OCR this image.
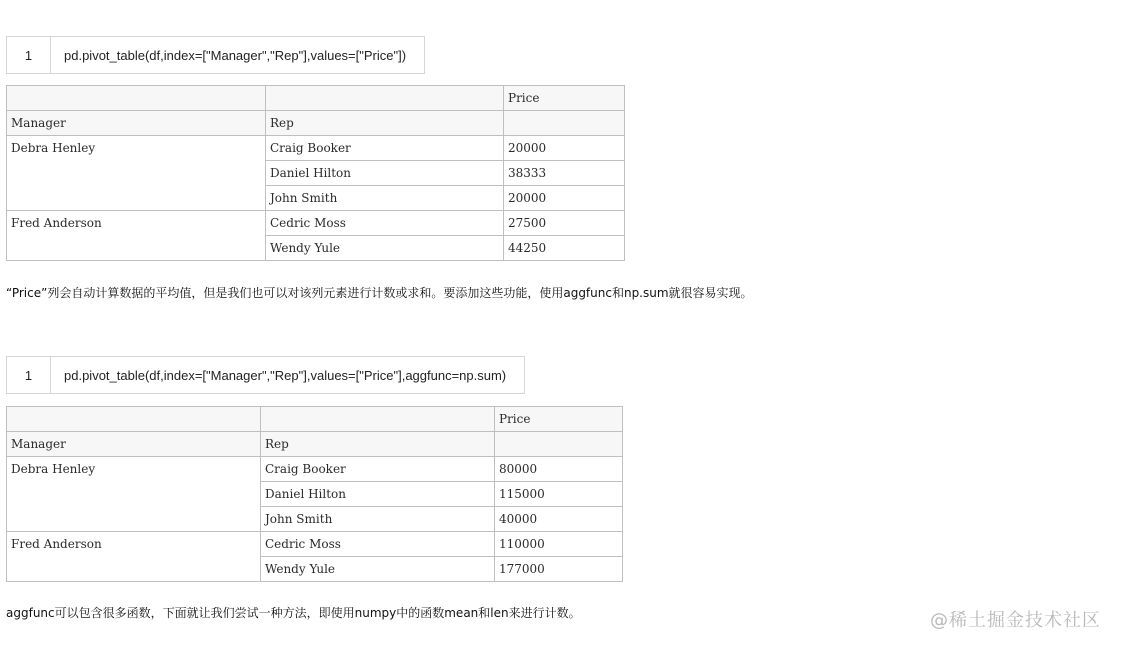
1	pd.pivot_table(df,index=["Manager","Rep"],values=["Price"])
		Price
Manager	Rep	
Debra Henley	Craig Booker	20000
	Daniel Hilton	38333
	John Smith	20000
Fred Anderson	Cedric Moss	27500
	Wendy Yule	44250
“Price”列会自动计算数据的平均值，但是我们也可以对该列元素进行计数或求和。要添加这些功能，使用aggfunc和np.sum就很容易实现。
1	pd.pivot_table(df,index=["Manager","Rep"],values=["Price"],aggfunc=np.sum)
		Price
Manager	Rep	
Debra Henley	Craig Booker	80000
	Daniel Hilton	115000
	John Smith	40000
Fred Anderson	Cedric Moss	110000
	Wendy Yule	177000
aggfunc可以包含很多函数，下面就让我们尝试一种方法，即使用numpy中的函数mean和len来进行计数。	@稀土掘金技术社区
